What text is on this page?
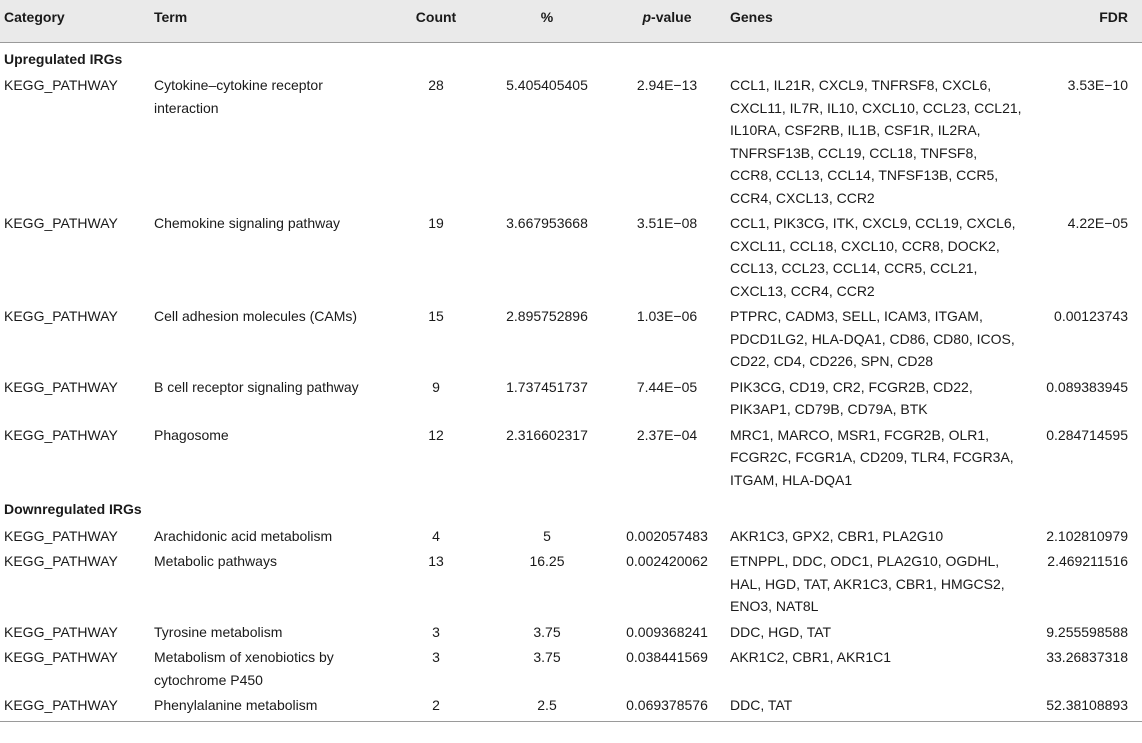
Category	Term	Count	%	p-value	Genes	FDR
Upregulated IRGs						
KEGG_PATHWAY	Cytokine–cytokine receptor interaction	28	5.405405405	2.94E−13	CCL1, IL21R, CXCL9, TNFRSF8, CXCL6, CXCL11, IL7R, IL10, CXCL10, CCL23, CCL21, IL10RA, CSF2RB, IL1B, CSF1R, IL2RA, TNFRSF13B, CCL19, CCL18, TNFSF8, CCR8, CCL13, CCL14, TNFSF13B, CCR5, CCR4, CXCL13, CCR2	3.53E−10
KEGG_PATHWAY	Chemokine signaling pathway	19	3.667953668	3.51E−08	CCL1, PIK3CG, ITK, CXCL9, CCL19, CXCL6, CXCL11, CCL18, CXCL10, CCR8, DOCK2, CCL13, CCL23, CCL14, CCR5, CCL21, CXCL13, CCR4, CCR2	4.22E−05
KEGG_PATHWAY	Cell adhesion molecules (CAMs)	15	2.895752896	1.03E−06	PTPRC, CADM3, SELL, ICAM3, ITGAM, PDCD1LG2, HLA-DQA1, CD86, CD80, ICOS, CD22, CD4, CD226, SPN, CD28	0.00123743
KEGG_PATHWAY	B cell receptor signaling pathway	9	1.737451737	7.44E−05	PIK3CG, CD19, CR2, FCGR2B, CD22, PIK3AP1, CD79B, CD79A, BTK	0.089383945
KEGG_PATHWAY	Phagosome	12	2.316602317	2.37E−04	MRC1, MARCO, MSR1, FCGR2B, OLR1, FCGR2C, FCGR1A, CD209, TLR4, FCGR3A, ITGAM, HLA-DQA1	0.284714595
Downregulated IRGs						
KEGG_PATHWAY	Arachidonic acid metabolism	4	5	0.002057483	AKR1C3, GPX2, CBR1, PLA2G10	2.102810979
KEGG_PATHWAY	Metabolic pathways	13	16.25	0.002420062	ETNPPL, DDC, ODC1, PLA2G10, OGDHL, HAL, HGD, TAT, AKR1C3, CBR1, HMGCS2, ENO3, NAT8L	2.469211516
KEGG_PATHWAY	Tyrosine metabolism	3	3.75	0.009368241	DDC, HGD, TAT	9.255598588
KEGG_PATHWAY	Metabolism of xenobiotics by cytochrome P450	3	3.75	0.038441569	AKR1C2, CBR1, AKR1C1	33.26837318
KEGG_PATHWAY	Phenylalanine metabolism	2	2.5	0.069378576	DDC, TAT	52.38108893
